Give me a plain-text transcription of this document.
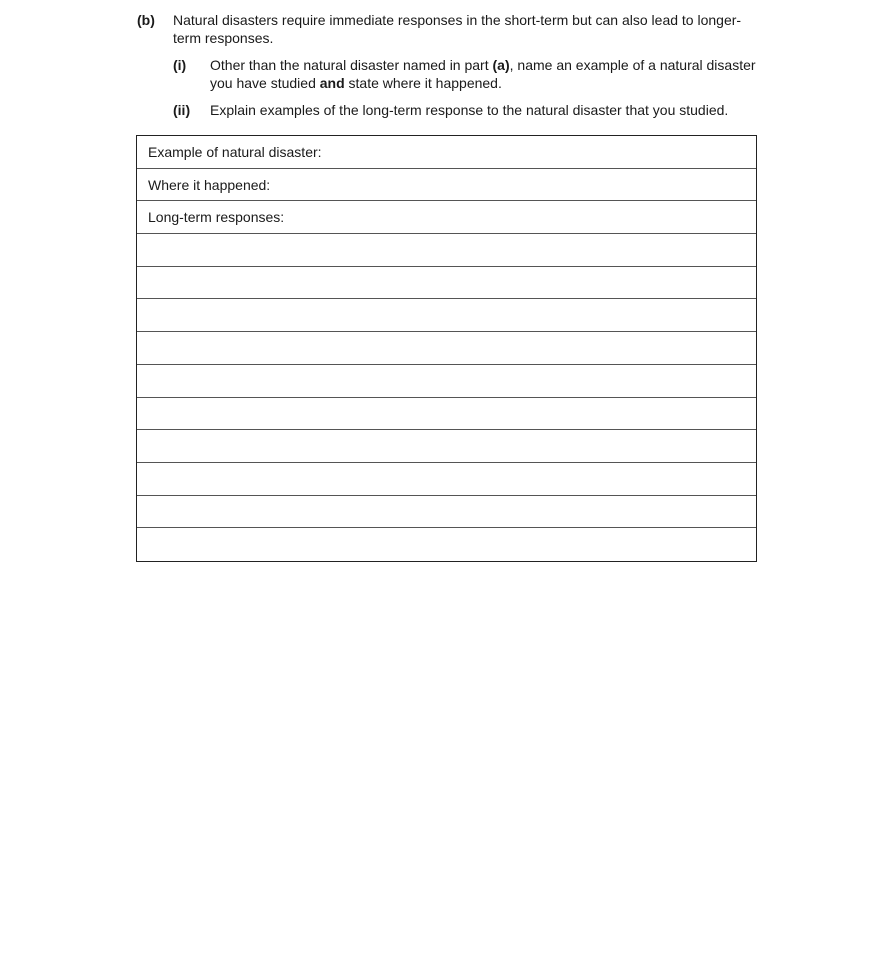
(b)	Natural disasters require immediate responses in the short-term but can also lead to longer-term responses.
(i)	Other than the natural disaster named in part (a), name an example of a natural disaster you have studied and state where it happened.
(ii)	Explain examples of the long-term response to the natural disaster that you studied.
Example of natural disaster:
Where it happened:
Long-term responses:
